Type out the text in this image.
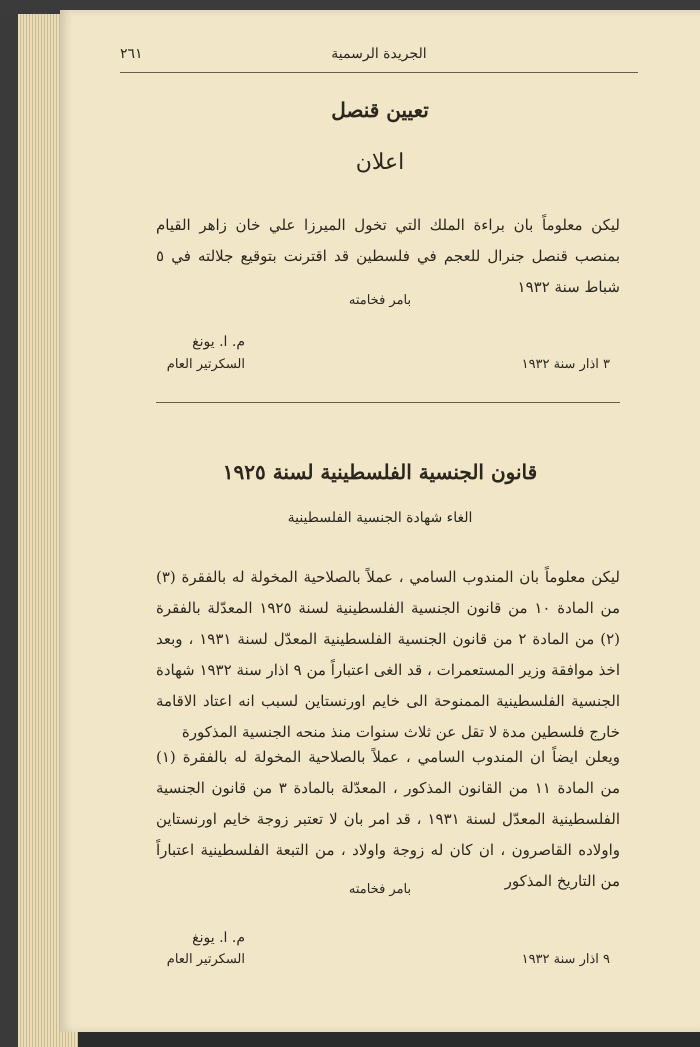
الجريدة الرسمية
٢٦١
تعيين قنصل
اعلان
ليكن معلوماً بان براءة الملك التي تخول الميرزا علي خان زاهر القيام بمنصب قنصل جنرال للعجم في فلسطين قد اقترنت بتوقيع جلالته في ٥ شباط سنة ١٩٣٢
بامر فخامته
م. ا. يونغ
السكرتير العام	٣ اذار سنة ١٩٣٢
قانون الجنسية الفلسطينية لسنة ١٩٢٥
الغاء شهادة الجنسية الفلسطينية
ليكن معلوماً بان المندوب السامي ، عملاً بالصلاحية المخولة له بالفقرة (٣) من المادة ١٠ من قانون الجنسية الفلسطينية لسنة ١٩٢٥ المعدّلة بالفقرة (٢) من المادة ٢ من قانون الجنسية الفلسطينية المعدّل لسنة ١٩٣١ ، وبعد اخذ موافقة وزير المستعمرات ، قد الغى اعتباراً من ٩ اذار سنة ١٩٣٢ شهادة الجنسية الفلسطينية الممنوحة الى خايم اورنستاين لسبب انه اعتاد الاقامة خارج فلسطين مدة لا تقل عن ثلاث سنوات منذ منحه الجنسية المذكورة
ويعلن ايضاً ان المندوب السامي ، عملاً بالصلاحية المخولة له بالفقرة (١) من المادة ١١ من القانون المذكور ، المعدّلة بالمادة ٣ من قانون الجنسية الفلسطينية المعدّل لسنة ١٩٣١ ، قد امر بان لا تعتبر زوجة خايم اورنستاين واولاده القاصرون ، ان كان له زوجة واولاد ، من التبعة الفلسطينية اعتباراً من التاريخ المذكور
بامر فخامته
م. ا. يونغ
السكرتير العام	٩ اذار سنة ١٩٣٢
